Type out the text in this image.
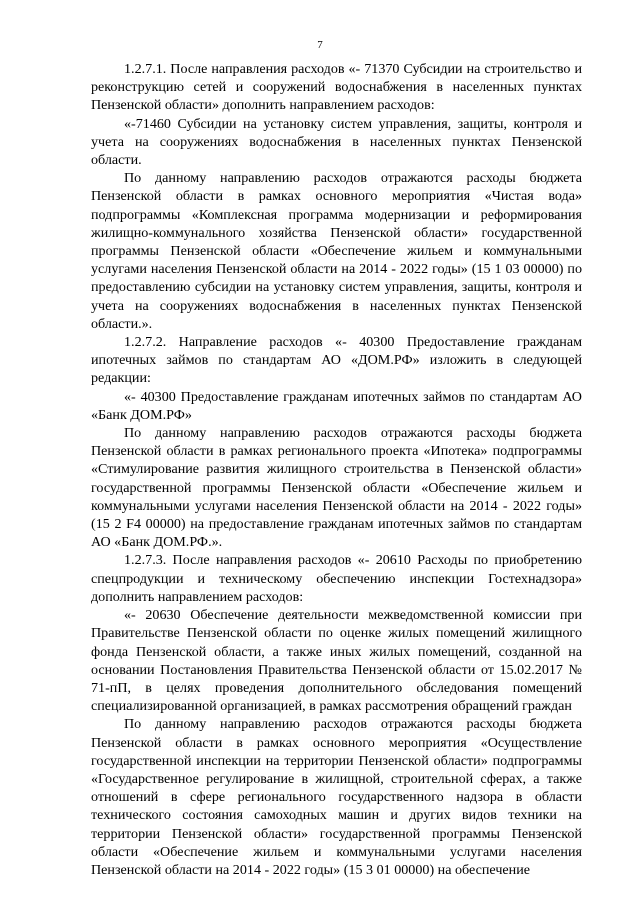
7

1.2.7.1. После направления расходов «- 71370 Субсидии на строительство и реконструкцию сетей и сооружений водоснабжения в населенных пунктах Пензенской области» дополнить направлением расходов:

«-71460 Субсидии на установку систем управления, защиты, контроля и учета на сооружениях водоснабжения в населенных пунктах Пензенской области.

По данному направлению расходов отражаются расходы бюджета Пензенской области в рамках основного мероприятия «Чистая вода» подпрограммы «Комплексная программа модернизации и реформирования жилищно-коммунального хозяйства Пензенской области» государственной программы Пензенской области «Обеспечение жильем и коммунальными услугами населения Пензенской области на 2014 - 2022 годы» (15 1 03 00000) по предоставлению субсидии на установку систем управления, защиты, контроля и учета на сооружениях водоснабжения в населенных пунктах Пензенской области.».

1.2.7.2. Направление расходов «- 40300 Предоставление гражданам ипотечных займов по стандартам АО «ДОМ.РФ» изложить в следующей редакции:

«- 40300 Предоставление гражданам ипотечных займов по стандартам АО «Банк ДОМ.РФ»

По данному направлению расходов отражаются расходы бюджета Пензенской области в рамках регионального проекта «Ипотека» подпрограммы «Стимулирование развития жилищного строительства в Пензенской области» государственной программы Пензенской области «Обеспечение жильем и коммунальными услугами населения Пензенской области на 2014 - 2022 годы» (15 2 F4 00000) на предоставление гражданам ипотечных займов по стандартам АО «Банк ДОМ.РФ.».

1.2.7.3. После направления расходов «- 20610 Расходы по приобретению спецпродукции и техническому обеспечению инспекции Гостехнадзора» дополнить направлением расходов:

«- 20630 Обеспечение деятельности межведомственной комиссии при Правительстве Пензенской области по оценке жилых помещений жилищного фонда Пензенской области, а также иных жилых помещений, созданной на основании Постановления Правительства Пензенской области от 15.02.2017 № 71-пП, в целях проведения дополнительного обследования помещений специализированной организацией, в рамках рассмотрения обращений граждан

По данному направлению расходов отражаются расходы бюджета Пензенской области в рамках основного мероприятия «Осуществление государственной инспекции на территории Пензенской области» подпрограммы «Государственное регулирование в жилищной, строительной сферах, а также отношений в сфере регионального государственного надзора в области технического состояния самоходных машин и других видов техники на территории Пензенской области» государственной программы Пензенской области «Обеспечение жильем и коммунальными услугами населения Пензенской области на 2014 - 2022 годы» (15 3 01 00000) на обеспечение
